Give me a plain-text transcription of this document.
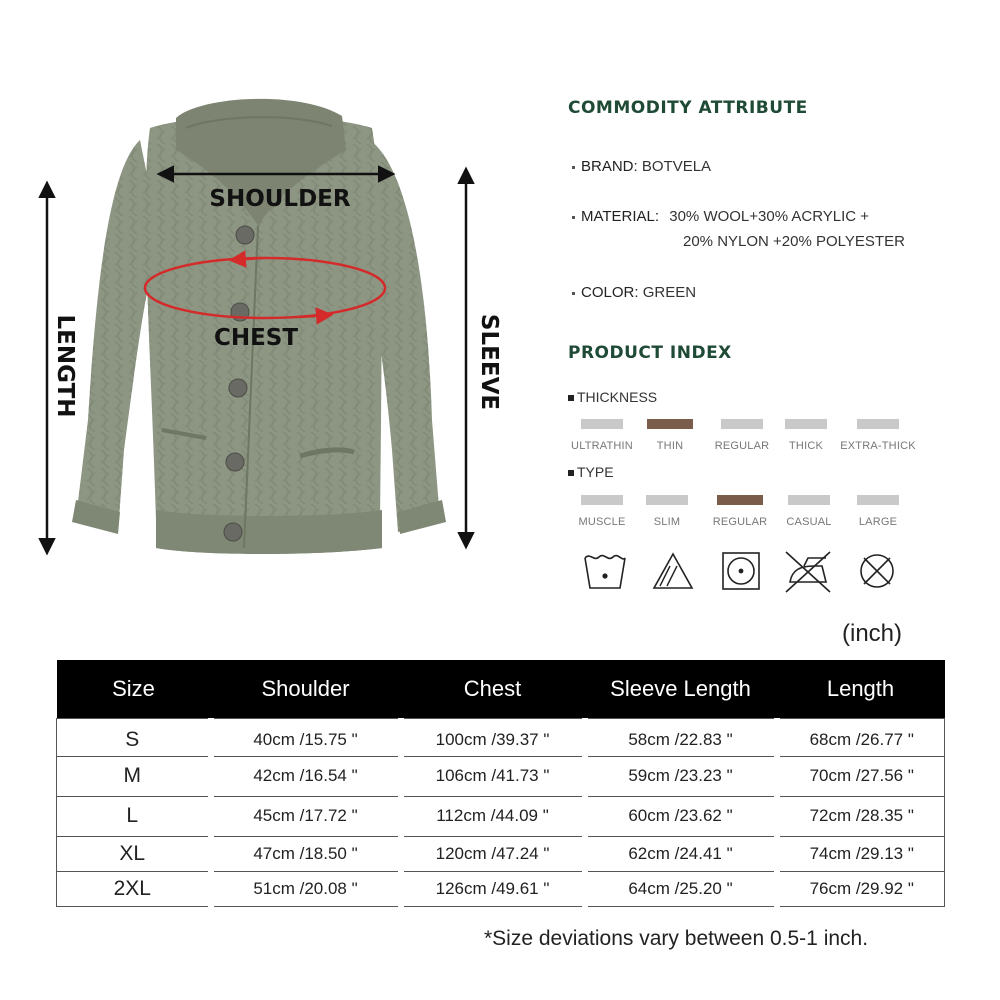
SHOULDER
CHEST
LENGTH	SLEEVE
COMMODITY ATTRIBUTE
BRAND: BOTVELA
MATERIAL: 30% WOOL+30% ACRYLIC +
20% NYLON +20% POLYESTER
COLOR: GREEN
PRODUCT INDEX
THICKNESS
ULTRATHIN	THIN	REGULAR	THICK	EXTRA-THICK
TYPE
MUSCLE	SLIM	REGULAR	CASUAL	LARGE
(inch)
Size	Shoulder	Chest	Sleeve Length	Length
S	40cm /15.75 "	100cm /39.37 "	58cm /22.83 "	68cm /26.77 "
M	42cm /16.54 "	106cm /41.73 "	59cm /23.23 "	70cm /27.56 "
L	45cm /17.72 "	112cm /44.09 "	60cm /23.62 "	72cm /28.35 "
XL	47cm /18.50 "	120cm /47.24 "	62cm /24.41 "	74cm /29.13 "
2XL	51cm /20.08 "	126cm /49.61 "	64cm /25.20 "	76cm /29.92 "
*Size deviations vary between 0.5-1 inch.
